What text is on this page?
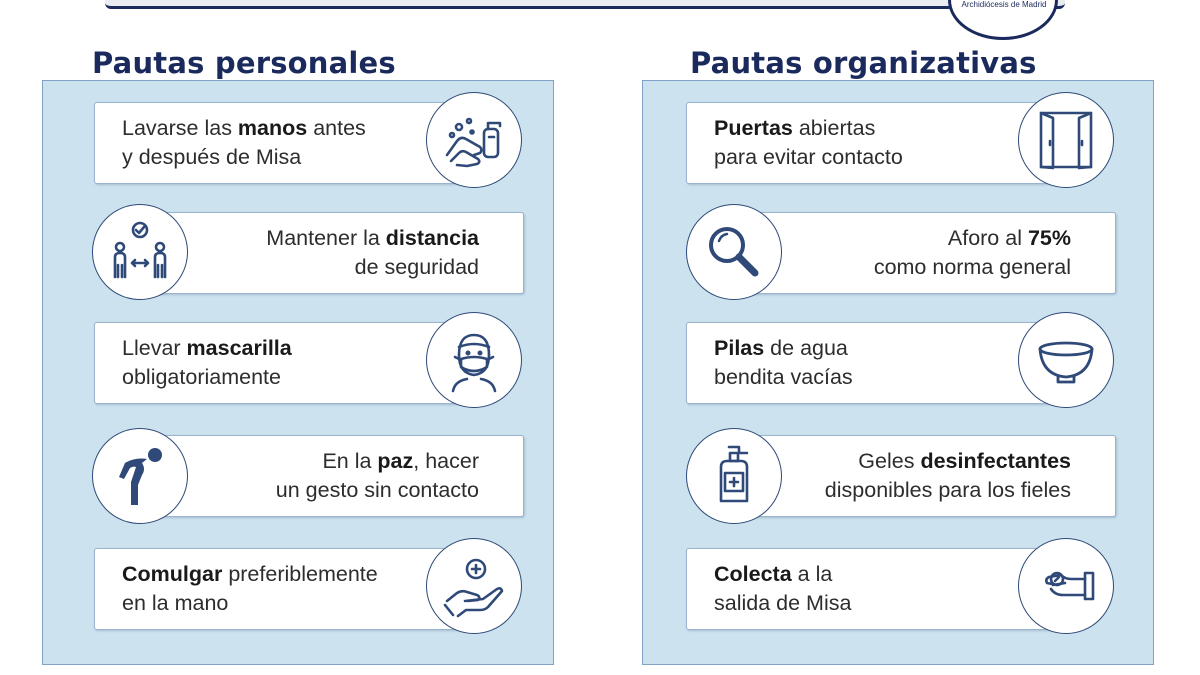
Archidiócesis de Madrid
Pautas personales
Lavarse las manos antes
y después de Misa
Mantener la distancia
de seguridad
Llevar mascarilla
obligatoriamente
En la paz, hacer
un gesto sin contacto
Comulgar preferiblemente
en la mano
Pautas organizativas
Puertas abiertas
para evitar contacto
Aforo al 75%
como norma general
Pilas de agua
bendita vacías
Geles desinfectantes
disponibles para los fieles
Colecta a la
salida de Misa
